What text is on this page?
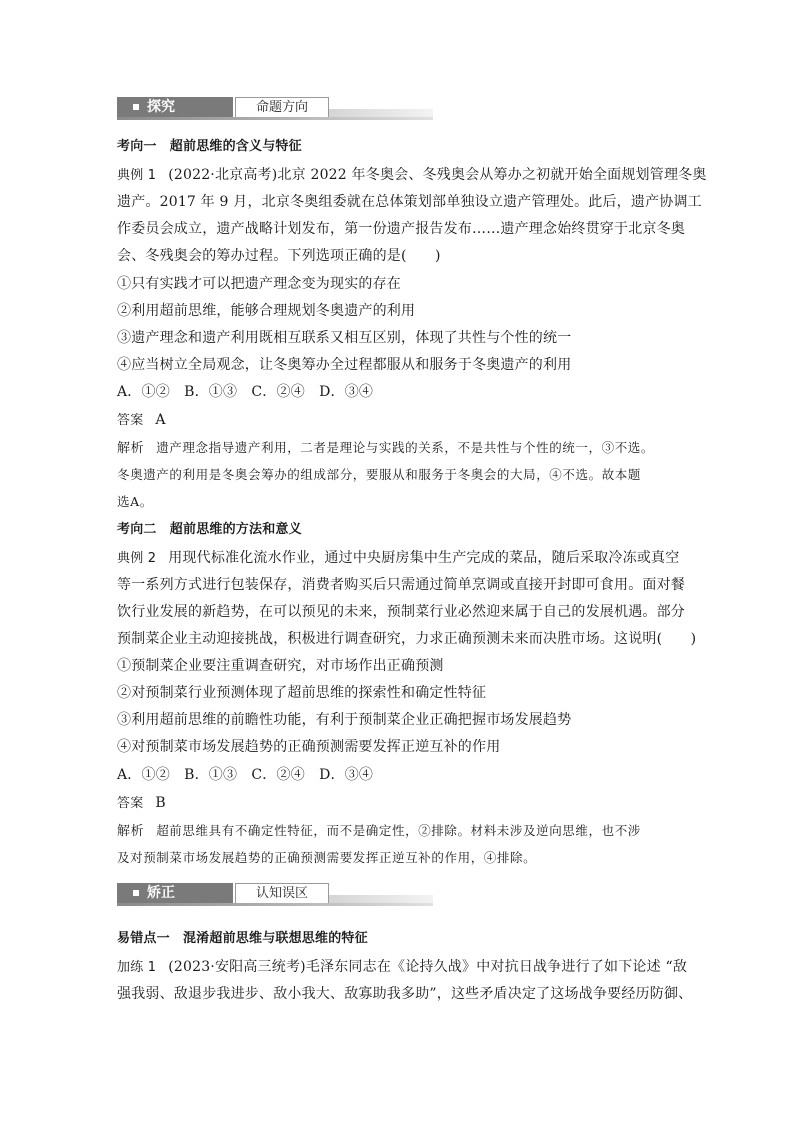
探究	命题方向
考向一　超前思维的含义与特征
典例 1 (2022·北京高考)北京 2022 年冬奥会、冬残奥会从筹办之初就开始全面规划管理冬奥
遗产。2017 年 9 月，北京冬奥组委就在总体策划部单独设立遗产管理处。此后，遗产协调工
作委员会成立，遗产战略计划发布，第一份遗产报告发布……遗产理念始终贯穿于北京冬奥
会、冬残奥会的筹办过程。下列选项正确的是(　　)
①只有实践才可以把遗产理念变为现实的存在
②利用超前思维，能够合理规划冬奥遗产的利用
③遗产理念和遗产利用既相互联系又相互区别，体现了共性与个性的统一
④应当树立全局观念，让冬奥筹办全过程都服从和服务于冬奥遗产的利用
A．①②　B．①③　C．②④　D．③④
答案 A
解析 遗产理念指导遗产利用，二者是理论与实践的关系，不是共性与个性的统一，③不选。
冬奥遗产的利用是冬奥会筹办的组成部分，要服从和服务于冬奥会的大局，④不选。故本题
选A。
考向二　超前思维的方法和意义
典例 2 用现代标准化流水作业，通过中央厨房集中生产完成的菜品，随后采取冷冻或真空
等一系列方式进行包装保存，消费者购买后只需通过简单烹调或直接开封即可食用。面对餐
饮行业发展的新趋势，在可以预见的未来，预制菜行业必然迎来属于自己的发展机遇。部分
预制菜企业主动迎接挑战，积极进行调查研究，力求正确预测未来而决胜市场。这说明(　　)
①预制菜企业要注重调查研究，对市场作出正确预测
②对预制菜行业预测体现了超前思维的探索性和确定性特征
③利用超前思维的前瞻性功能，有利于预制菜企业正确把握市场发展趋势
④对预制菜市场发展趋势的正确预测需要发挥正逆互补的作用
A．①②　B．①③　C．②④　D．③④
答案 B
解析 超前思维具有不确定性特征，而不是确定性，②排除。材料未涉及逆向思维，也不涉
及对预制菜市场发展趋势的正确预测需要发挥正逆互补的作用，④排除。
矫正	认知误区
易错点一　混淆超前思维与联想思维的特征
加练 1 (2023·安阳高三统考)毛泽东同志在《论持久战》中对抗日战争进行了如下论述 “敌
强我弱、敌退步我进步、敌小我大、敌寡助我多助”，这些矛盾决定了这场战争要经历防御、
